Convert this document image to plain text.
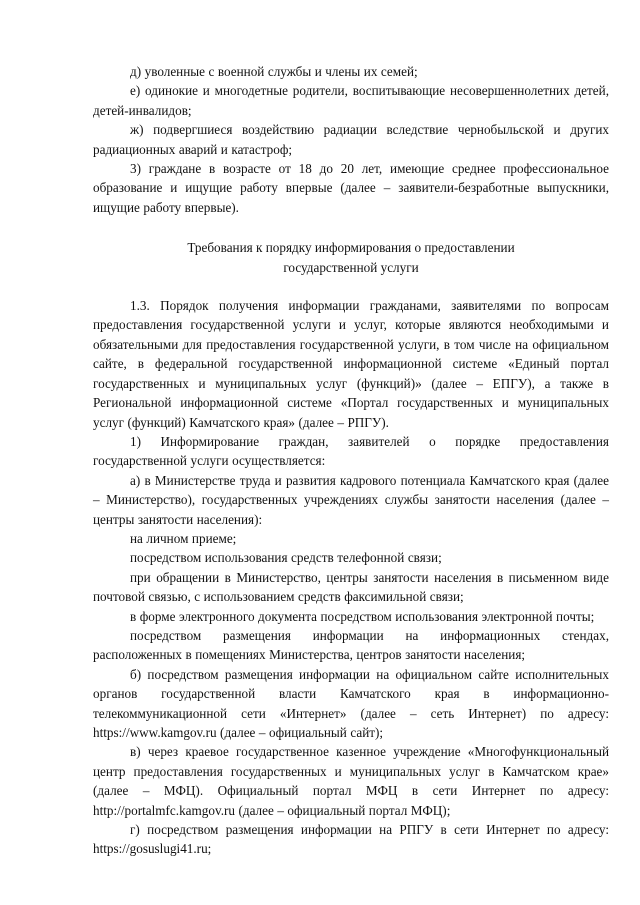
д) уволенные с военной службы и члены их семей;

е) одинокие и многодетные родители, воспитывающие несовершеннолетних детей, детей-инвалидов;

ж) подвергшиеся воздействию радиации вследствие чернобыльской и других радиационных аварий и катастроф;

3) граждане в возрасте от 18 до 20 лет, имеющие среднее профессиональное образование и ищущие работу впервые (далее – заявители-безработные выпускники, ищущие работу впервые).

Требования к порядку информирования о предоставлении

государственной услуги

1.3. Порядок получения информации гражданами, заявителями по вопросам предоставления государственной услуги и услуг, которые являются необходимыми и обязательными для предоставления государственной услуги, в том числе на официальном сайте, в федеральной государственной информационной системе «Единый портал государственных и муниципальных услуг (функций)» (далее – ЕПГУ), а также в Региональной информационной системе «Портал государственных и муниципальных услуг (функций) Камчатского края» (далее – РПГУ).

1) Информирование граждан, заявителей о порядке предоставления государственной услуги осуществляется:

а) в Министерстве труда и развития кадрового потенциала Камчатского края (далее – Министерство), государственных учреждениях службы занятости населения (далее – центры занятости населения):

на личном приеме;

посредством использования средств телефонной связи;

при обращении в Министерство, центры занятости населения в письменном виде почтовой связью, с использованием средств факсимильной связи;

в форме электронного документа посредством использования электронной почты;

посредством размещения информации на информационных стендах, расположенных в помещениях Министерства, центров занятости населения;

б) посредством размещения информации на официальном сайте исполнительных органов государственной власти Камчатского края в информационно-телекоммуникационной сети «Интернет» (далее – сеть Интернет) по адресу: https://www.kamgov.ru (далее – официальный сайт);

в) через краевое государственное казенное учреждение «Многофункциональный центр предоставления государственных и муниципальных услуг в Камчатском крае» (далее – МФЦ). Официальный портал МФЦ в сети Интернет по адресу: http://portalmfc.kamgov.ru (далее – официальный портал МФЦ);

г) посредством размещения информации на РПГУ в сети Интернет по адресу: https://gosuslugi41.ru;
